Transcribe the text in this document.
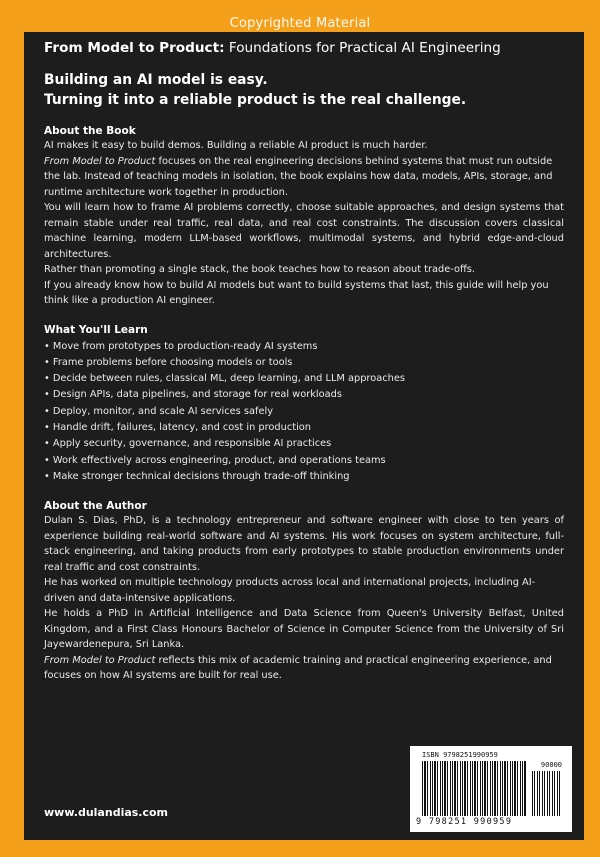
Copyrighted Material
From Model to Product: Foundations for Practical AI Engineering
Building an AI model is easy.
Turning it into a reliable product is the real challenge.
About the Book

AI makes it easy to build demos. Building a reliable AI product is much harder.

From Model to Product focuses on the real engineering decisions behind systems that must run outside the lab. Instead of teaching models in isolation, the book explains how data, models, APIs, storage, and runtime architecture work together in production.

You will learn how to frame AI problems correctly, choose suitable approaches, and design systems that remain stable under real traffic, real data, and real cost constraints. The discussion covers classical machine learning, modern LLM-based workflows, multimodal systems, and hybrid edge-and-cloud architectures.

Rather than promoting a single stack, the book teaches how to reason about trade-offs.

If you already know how to build AI models but want to build systems that last, this guide will help you think like a production AI engineer.

What You'll Learn
• Move from prototypes to production-ready AI systems
• Frame problems before choosing models or tools
• Decide between rules, classical ML, deep learning, and LLM approaches
• Design APIs, data pipelines, and storage for real workloads
• Deploy, monitor, and scale AI services safely
• Handle drift, failures, latency, and cost in production
• Apply security, governance, and responsible AI practices
• Work effectively across engineering, product, and operations teams
• Make stronger technical decisions through trade-off thinking
About the Author

Dulan S. Dias, PhD, is a technology entrepreneur and software engineer with close to ten years of experience building real-world software and AI systems. His work focuses on system architecture, full-stack engineering, and taking products from early prototypes to stable production environments under real traffic and cost constraints.

He has worked on multiple technology products across local and international projects, including AI-driven and data-intensive applications.

He holds a PhD in Artificial Intelligence and Data Science from Queen's University Belfast, United Kingdom, and a First Class Honours Bachelor of Science in Computer Science from the University of Sri Jayewardenepura, Sri Lanka.

From Model to Product reflects this mix of academic training and practical engineering experience, and focuses on how AI systems are built for real use.

www.dulandias.com
ISBN 9798251990959
90000
9 798251 990959
